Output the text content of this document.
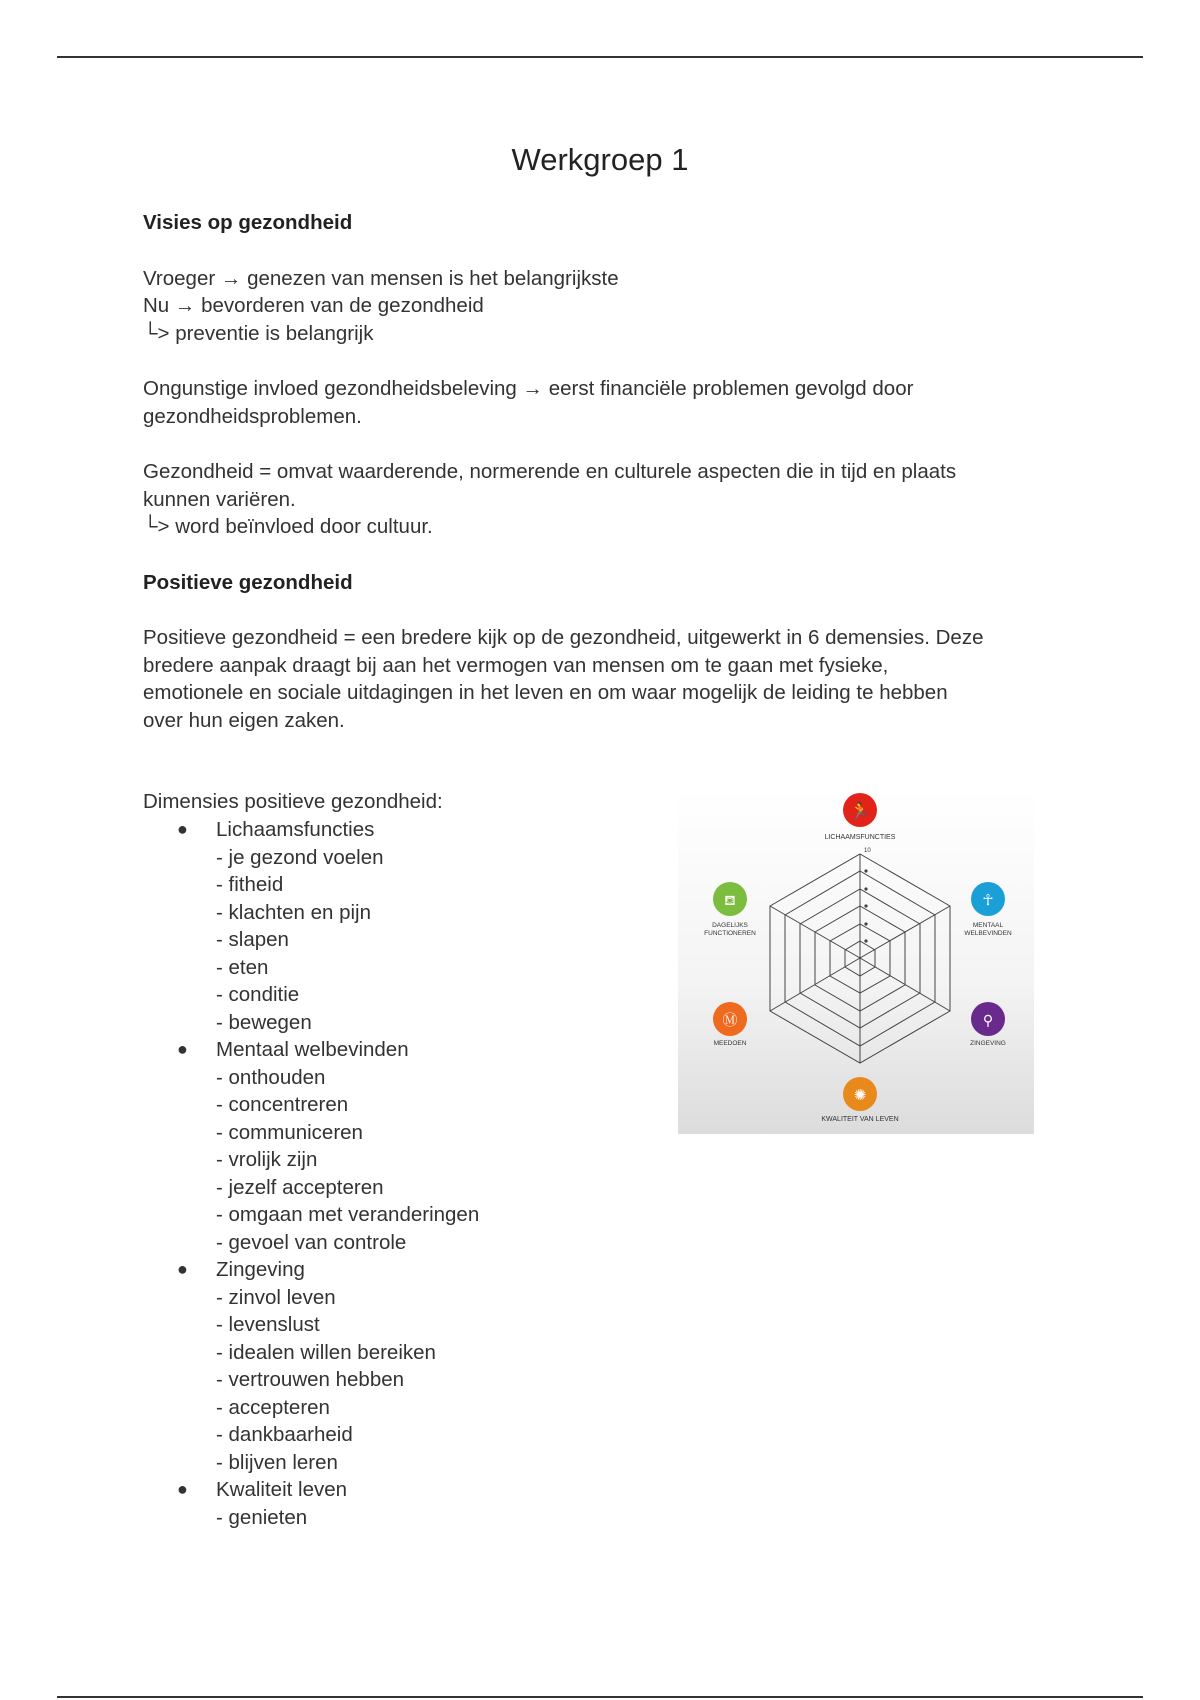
Werkgroep 1
Visies op gezondheid
Vroeger → genezen van mensen is het belangrijkste
Nu → bevorderen van de gezondheid
└> preventie is belangrijk
Ongunstige invloed gezondheidsbeleving → eerst financiële problemen gevolgd door
gezondheidsproblemen.
Gezondheid = omvat waarderende, normerende en culturele aspecten die in tijd en plaats
kunnen variëren.
└> word beïnvloed door cultuur.
Positieve gezondheid
Positieve gezondheid = een bredere kijk op de gezondheid, uitgewerkt in 6 demensies. Deze
bredere aanpak draagt bij aan het vermogen van mensen om te gaan met fysieke,
emotionele en sociale uitdagingen in het leven en om waar mogelijk de leiding te hebben
over hun eigen zaken.
Dimensies positieve gezondheid:
● Lichaamsfuncties
- je gezond voelen
- fitheid
- klachten en pijn
- slapen
- eten
- conditie
- bewegen
● Mentaal welbevinden
- onthouden
- concentreren
- communiceren
- vrolijk zijn
- jezelf accepteren
- omgaan met veranderingen
- gevoel van controle
● Zingeving
- zinvol leven
- levenslust
- idealen willen bereiken
- vertrouwen hebben
- accepteren
- dankbaarheid
- blijven leren
● Kwaliteit leven
- genieten
10
🏃
LICHAAMSFUNCTIES
☥
MENTAAL
WELBEVINDEN
⚲
ZINGEVING
✺
KWALITEIT VAN LEVEN
Ⓜ
MEEDOEN
⛾
DAGELIJKS
FUNCTIONEREN
